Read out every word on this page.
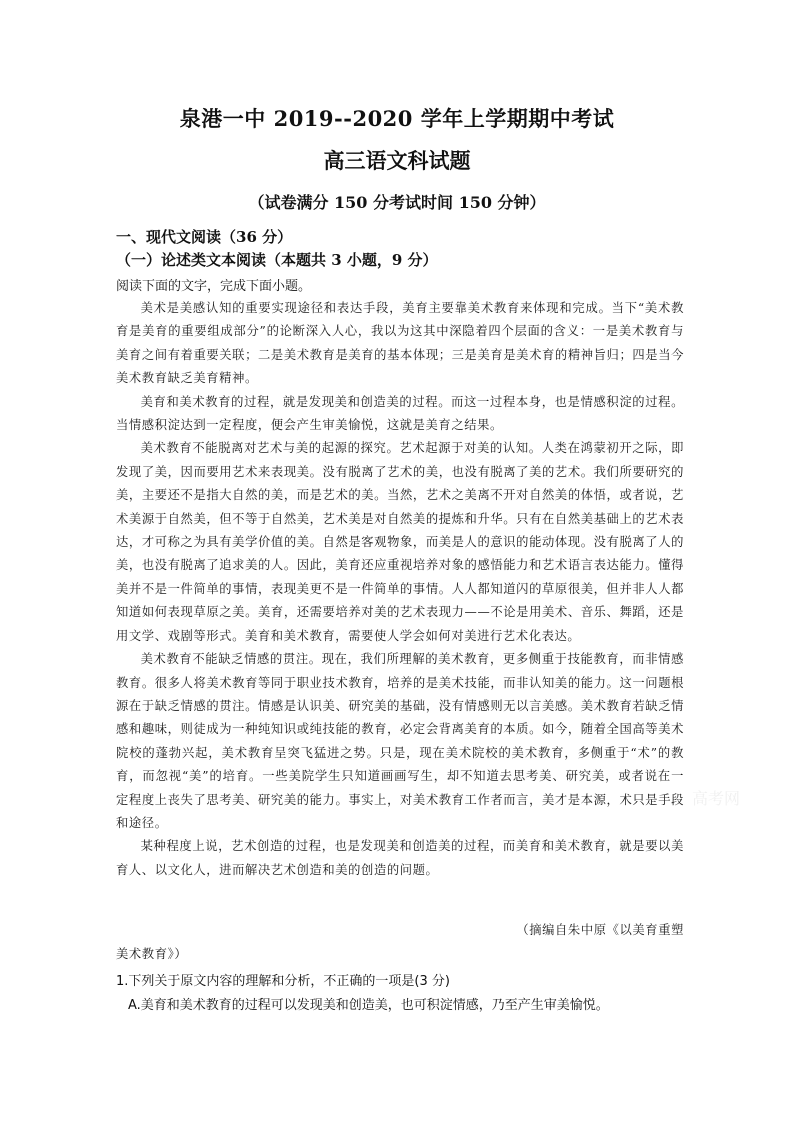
泉港一中 2019--2020 学年上学期期中考试
高三语文科试题
（试卷满分 150 分考试时间 150 分钟）
一、现代文阅读（36 分）
（一）论述类文本阅读（本题共 3 小题，9 分）
阅读下面的文字，完成下面小题。

美术是美感认知的重要实现途径和表达手段，美育主要靠美术教育来体现和完成。当下“美术教育是美育的重要组成部分”的论断深入人心，我以为这其中深隐着四个层面的含义：一是美术教育与美育之间有着重要关联；二是美术教育是美育的基本体现；三是美育是美术育的精神旨归；四是当今美术教育缺乏美育精神。

美育和美术教育的过程，就是发现美和创造美的过程。而这一过程本身，也是情感积淀的过程。当情感积淀达到一定程度，便会产生审美愉悦，这就是美育之结果。

美术教育不能脱离对艺术与美的起源的探究。艺术起源于对美的认知。人类在鸿蒙初开之际，即发现了美，因而要用艺术来表现美。没有脱离了艺术的美，也没有脱离了美的艺术。我们所要研究的美，主要还不是指大自然的美，而是艺术的美。当然，艺术之美离不开对自然美的体悟，或者说，艺术美源于自然美，但不等于自然美，艺术美是对自然美的提炼和升华。只有在自然美基础上的艺术表达，才可称之为具有美学价值的美。自然是客观物象，而美是人的意识的能动体现。没有脱离了人的美，也没有脱离了追求美的人。因此，美育还应重视培养对象的感悟能力和艺术语言表达能力。懂得美并不是一件简单的事情，表现美更不是一件简单的事情。人人都知道闪的草原很美，但并非人人都知道如何表现草原之美。美育，还需要培养对美的艺术表现力——不论是用美术、音乐、舞蹈，还是用文学、戏剧等形式。美育和美术教育，需要使人学会如何对美进行艺术化表达。

美术教育不能缺乏情感的贯注。现在，我们所理解的美术教育，更多侧重于技能教育，而非情感教育。很多人将美术教育等同于职业技术教育，培养的是美术技能，而非认知美的能力。这一问题根源在于缺乏情感的贯注。情感是认识美、研究美的基础，没有情感则无以言美感。美术教育若缺乏情感和趣味，则徒成为一种纯知识或纯技能的教育，必定会背离美育的本质。如今，随着全国高等美术院校的蓬勃兴起，美术教育呈突飞猛进之势。只是，现在美术院校的美术教育，多侧重于“术”的教育，而忽视“美”的培育。一些美院学生只知道画画写生，却不知道去思考美、研究美，或者说在一定程度上丧失了思考美、研究美的能力。事实上，对美术教育工作者而言，美才是本源，术只是手段和途径。

某种程度上说，艺术创造的过程，也是发现美和创造美的过程，而美育和美术教育，就是要以美育人、以文化人，进而解决艺术创造和美的创造的问题。

（摘编自朱中原《以美育重塑
美术教育》）
1.下列关于原文内容的理解和分析，不正确的一项是(3 分)
A.美育和美术教育的过程可以发现美和创造美，也可积淀情感，乃至产生审美愉悦。
高考网
